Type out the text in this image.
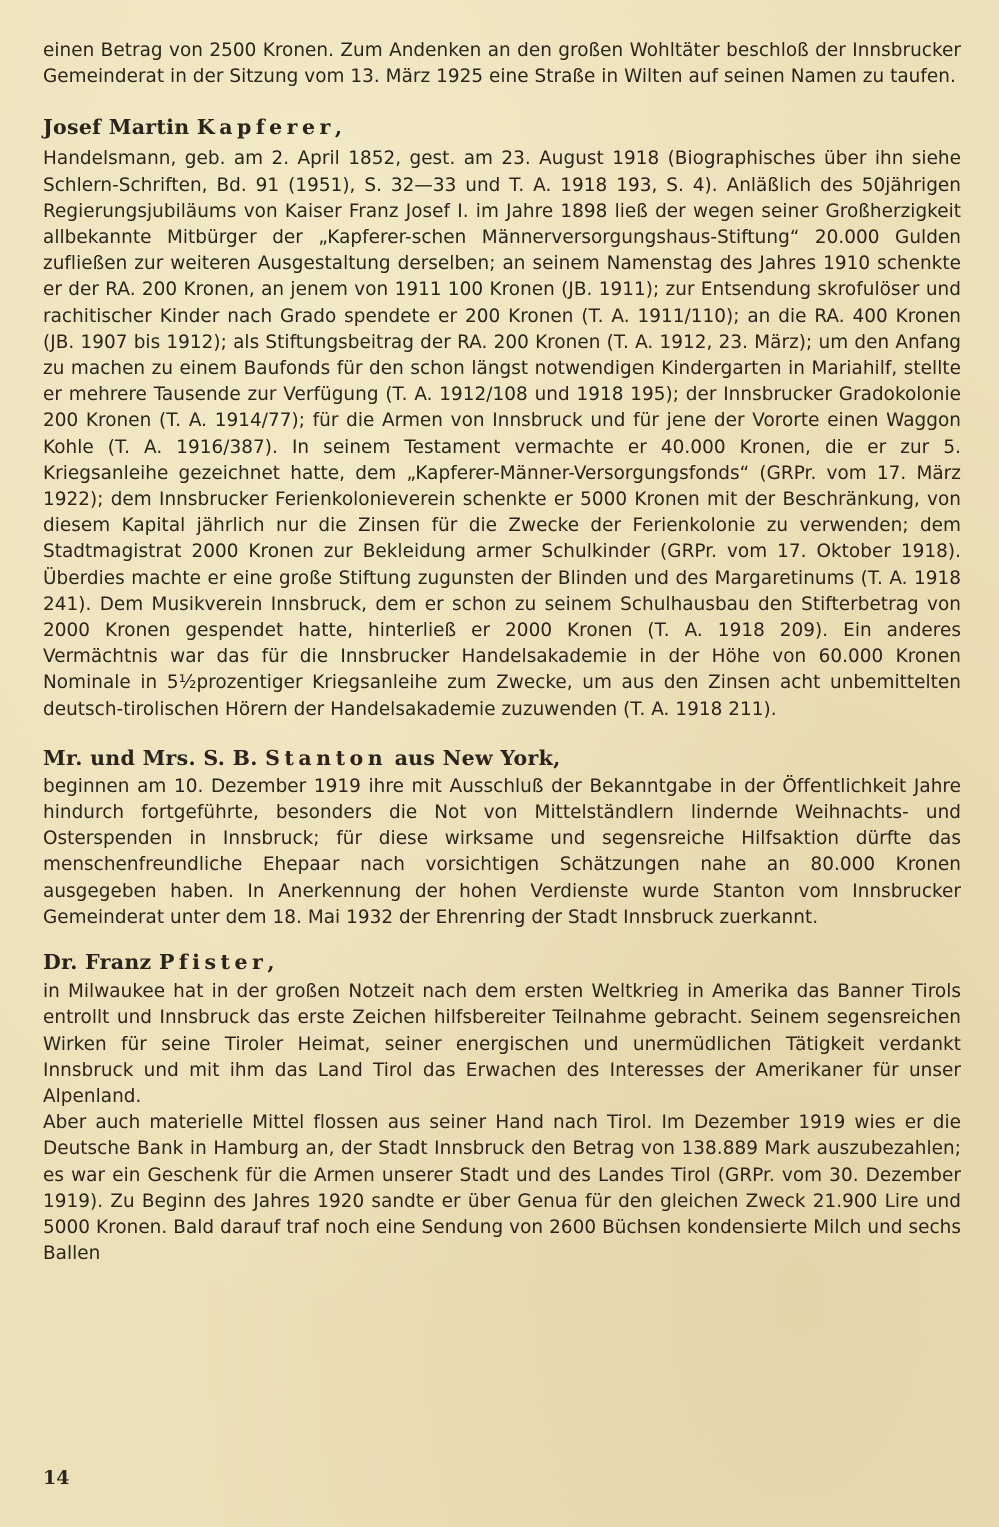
einen Betrag von 2500 Kronen. Zum Andenken an den großen Wohltäter beschloß der Innsbrucker Gemeinderat in der Sitzung vom 13. März 1925 eine Straße in Wilten auf seinen Namen zu taufen.

Josef Martin Kapferer,

Handelsmann, geb. am 2. April 1852, gest. am 23. August 1918 (Biographisches über ihn siehe Schlern-Schriften, Bd. 91 (1951), S. 32—33 und T. A. 1918 193, S. 4). Anläßlich des 50jährigen Regierungsjubiläums von Kaiser Franz Josef I. im Jahre 1898 ließ der wegen seiner Großherzigkeit allbekannte Mitbürger der „Kapferer-schen Männerversorgungshaus-Stiftung“ 20.000 Gulden zufließen zur weiteren Ausgestaltung derselben; an seinem Namenstag des Jahres 1910 schenkte er der RA. 200 Kronen, an jenem von 1911 100 Kronen (JB. 1911); zur Entsendung skrofulöser und rachitischer Kinder nach Grado spendete er 200 Kronen (T. A. 1911/110); an die RA. 400 Kronen (JB. 1907 bis 1912); als Stiftungsbeitrag der RA. 200 Kronen (T. A. 1912, 23. März); um den Anfang zu machen zu einem Baufonds für den schon längst notwendigen Kindergarten in Mariahilf, stellte er mehrere Tausende zur Verfügung (T. A. 1912/108 und 1918 195); der Innsbrucker Gradokolonie 200 Kronen (T. A. 1914/77); für die Armen von Innsbruck und für jene der Vororte einen Waggon Kohle (T. A. 1916/387). In seinem Testament vermachte er 40.000 Kronen, die er zur 5. Kriegsanleihe gezeichnet hatte, dem „Kapferer-Männer-Versorgungsfonds“ (GRPr. vom 17. März 1922); dem Innsbrucker Ferienkolonieverein schenkte er 5000 Kronen mit der Beschränkung, von diesem Kapital jährlich nur die Zinsen für die Zwecke der Ferienkolonie zu verwenden; dem Stadtmagistrat 2000 Kronen zur Bekleidung armer Schulkinder (GRPr. vom 17. Oktober 1918). Überdies machte er eine große Stiftung zugunsten der Blinden und des Margaretinums (T. A. 1918 241). Dem Musikverein Innsbruck, dem er schon zu seinem Schulhausbau den Stifterbetrag von 2000 Kronen gespendet hatte, hinterließ er 2000 Kronen (T. A. 1918 209). Ein anderes Vermächtnis war das für die Innsbrucker Handelsakademie in der Höhe von 60.000 Kronen Nominale in 5½prozentiger Kriegsanleihe zum Zwecke, um aus den Zinsen acht unbemittelten deutsch-tirolischen Hörern der Handelsakademie zuzuwenden (T. A. 1918 211).

Mr. und Mrs. S. B. Stanton aus New York,

beginnen am 10. Dezember 1919 ihre mit Ausschluß der Bekanntgabe in der Öffentlichkeit Jahre hindurch fortgeführte, besonders die Not von Mittelständlern lindernde Weihnachts- und Osterspenden in Innsbruck; für diese wirksame und segensreiche Hilfsaktion dürfte das menschenfreundliche Ehepaar nach vorsichtigen Schätzungen nahe an 80.000 Kronen ausgegeben haben. In Anerkennung der hohen Verdienste wurde Stanton vom Innsbrucker Gemeinderat unter dem 18. Mai 1932 der Ehrenring der Stadt Innsbruck zuerkannt.

Dr. Franz Pfister,

in Milwaukee hat in der großen Notzeit nach dem ersten Weltkrieg in Amerika das Banner Tirols entrollt und Innsbruck das erste Zeichen hilfsbereiter Teilnahme gebracht. Seinem segensreichen Wirken für seine Tiroler Heimat, seiner energischen und unermüdlichen Tätigkeit verdankt Innsbruck und mit ihm das Land Tirol das Erwachen des Interesses der Amerikaner für unser Alpenland.

Aber auch materielle Mittel flossen aus seiner Hand nach Tirol. Im Dezember 1919 wies er die Deutsche Bank in Hamburg an, der Stadt Innsbruck den Betrag von 138.889 Mark auszubezahlen; es war ein Geschenk für die Armen unserer Stadt und des Landes Tirol (GRPr. vom 30. Dezember 1919). Zu Beginn des Jahres 1920 sandte er über Genua für den gleichen Zweck 21.900 Lire und 5000 Kronen. Bald darauf traf noch eine Sendung von 2600 Büchsen kondensierte Milch und sechs Ballen

14
